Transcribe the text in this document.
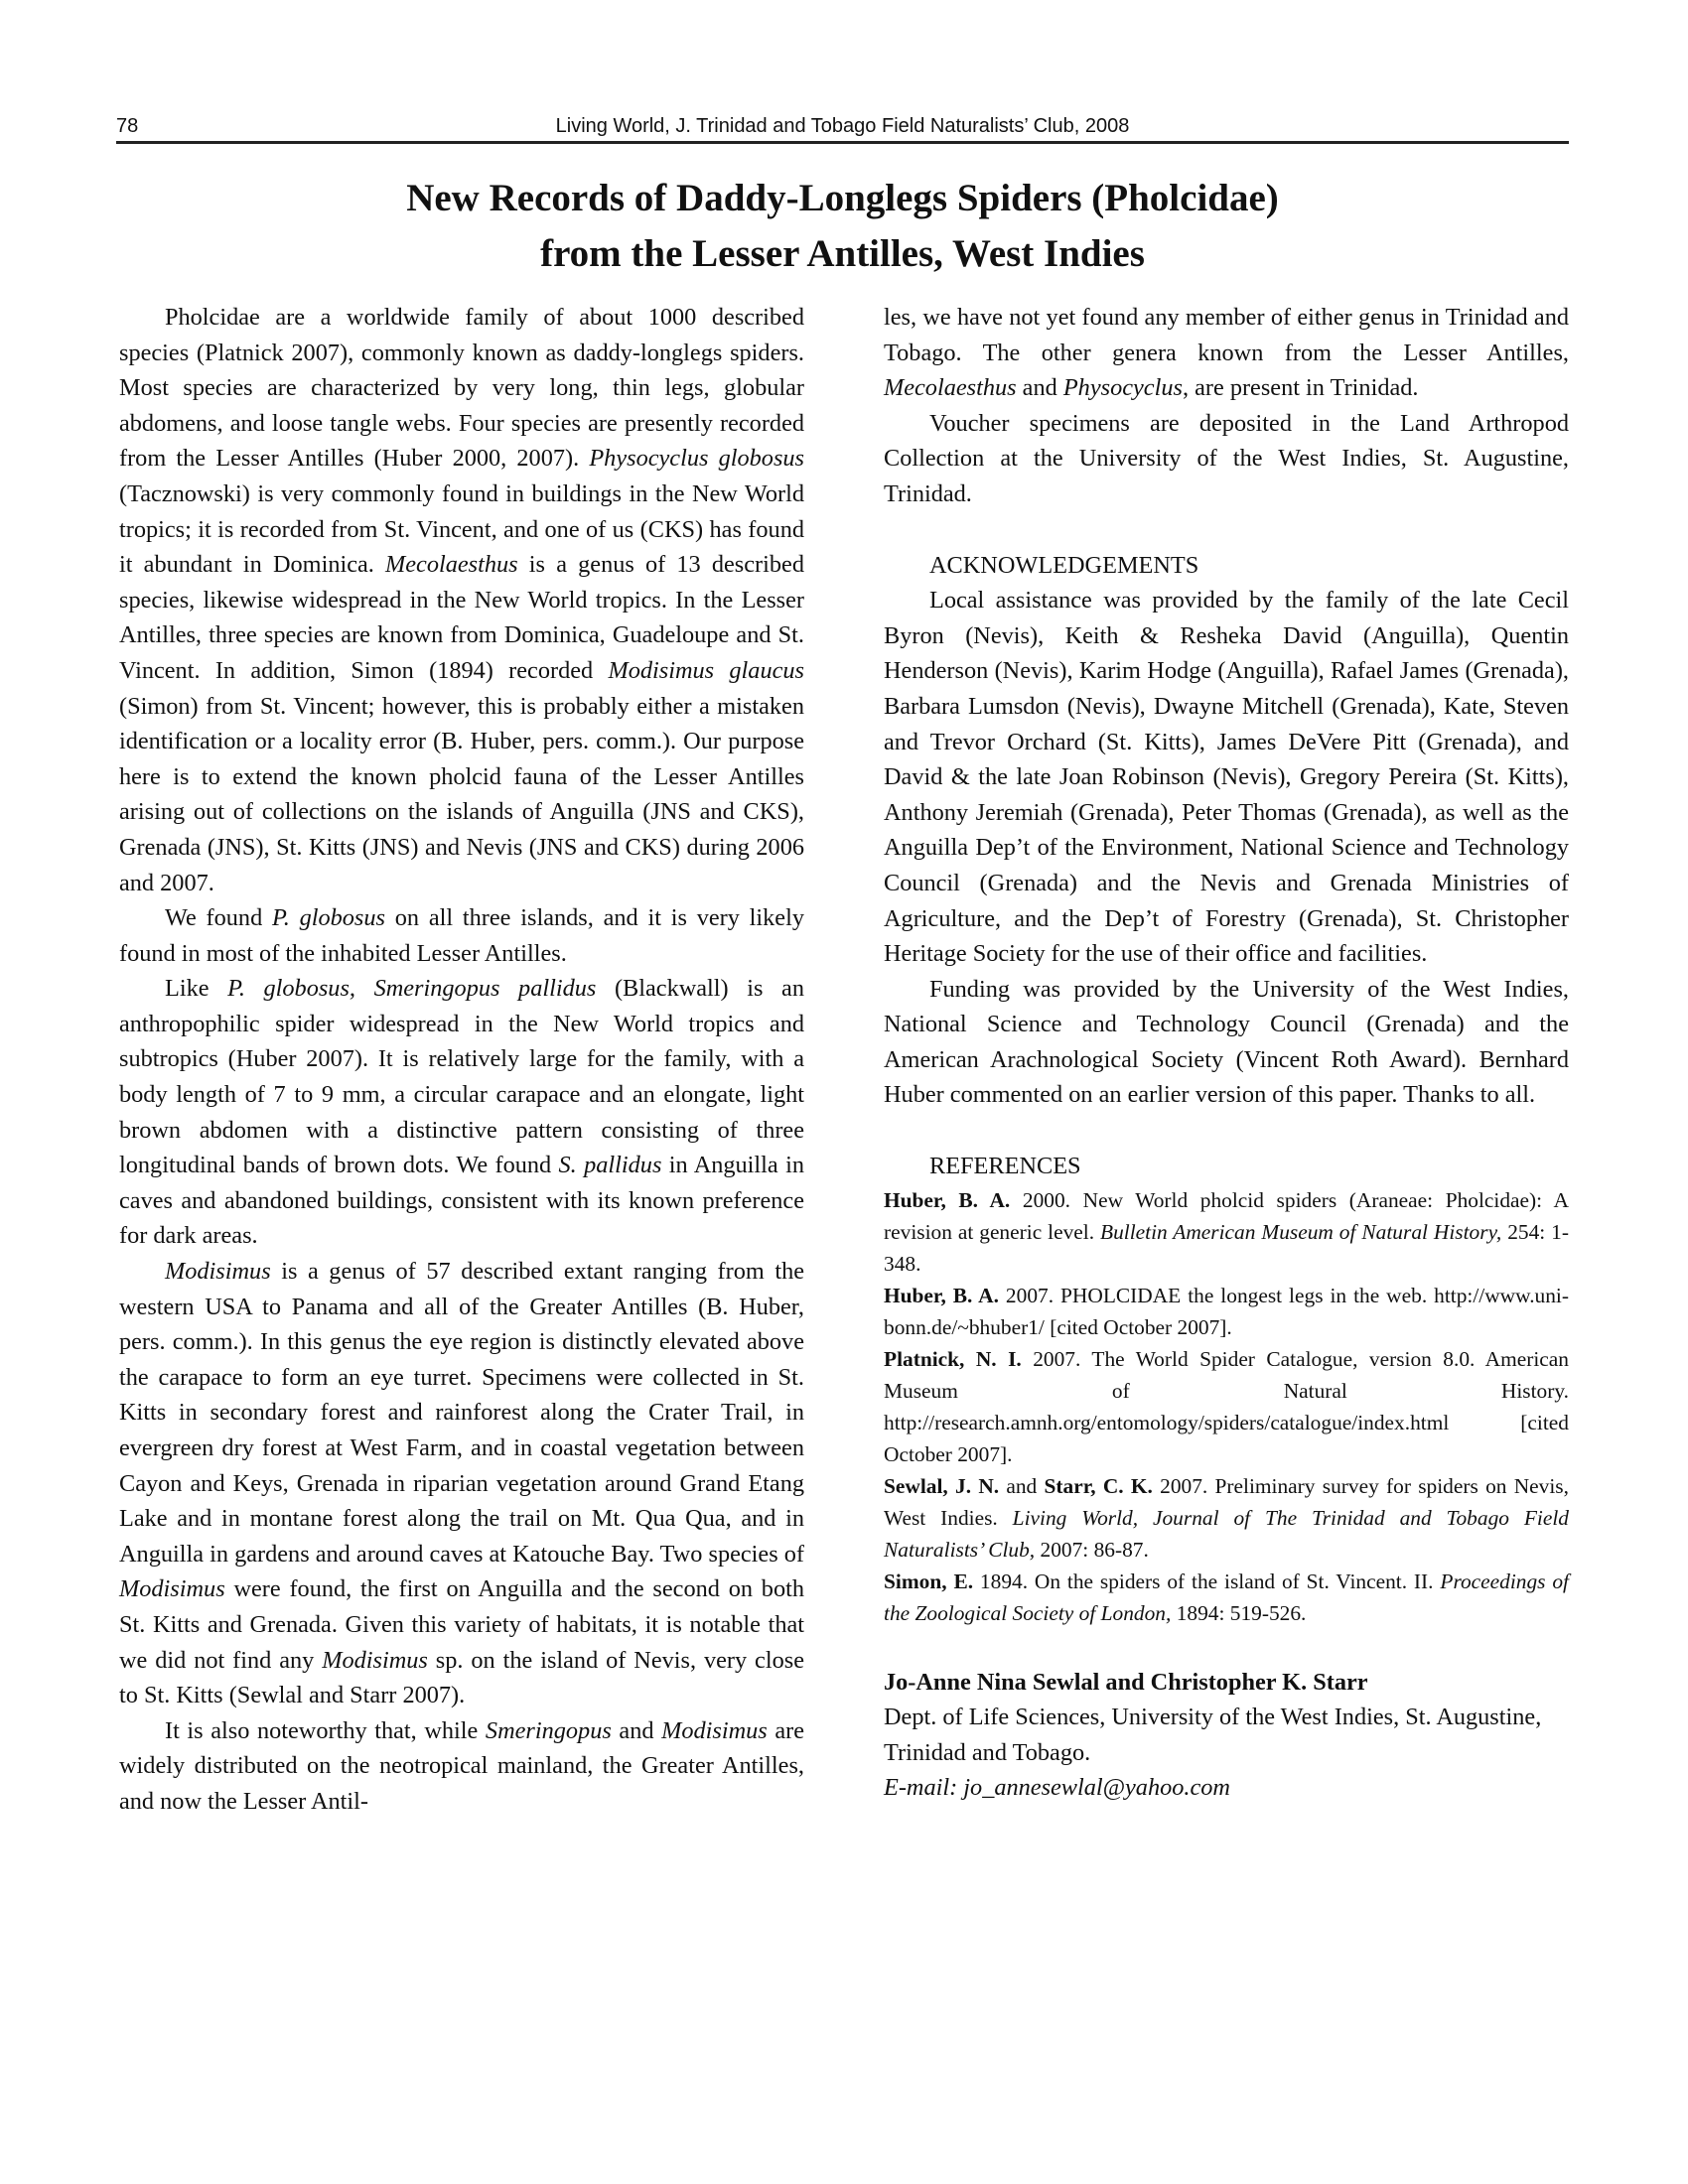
78	Living World, J. Trinidad and Tobago Field Naturalists’ Club, 2008
New Records of Daddy-Longlegs Spiders (Pholcidae)
from the Lesser Antilles, West Indies

Pholcidae are a worldwide family of about 1000 described species (Platnick 2007), commonly known as daddy-longlegs spiders. Most species are characterized by very long, thin legs, globular abdomens, and loose tangle webs. Four species are presently recorded from the Lesser Antilles (Huber 2000, 2007). Physocyclus globosus (Tacznowski) is very commonly found in buildings in the New World tropics; it is recorded from St. Vincent, and one of us (CKS) has found it abundant in Dominica. Mecolaesthus is a genus of 13 described species, likewise widespread in the New World tropics. In the Lesser Antilles, three species are known from Dominica, Guadeloupe and St. Vincent. In addition, Simon (1894) recorded Modisimus glaucus (Simon) from St. Vincent; however, this is probably either a mistaken identification or a locality error (B. Huber, pers. comm.). Our purpose here is to extend the known pholcid fauna of the Lesser Antilles arising out of collections on the islands of Anguilla (JNS and CKS), Grenada (JNS), St. Kitts (JNS) and Nevis (JNS and CKS) during 2006 and 2007.

We found P. globosus on all three islands, and it is very likely found in most of the inhabited Lesser Antilles.

Like P. globosus, Smeringopus pallidus (Blackwall) is an anthropophilic spider widespread in the New World tropics and subtropics (Huber 2007). It is relatively large for the family, with a body length of 7 to 9 mm, a circular carapace and an elongate, light brown abdomen with a distinctive pattern consisting of three longitudinal bands of brown dots. We found S. pallidus in Anguilla in caves and abandoned buildings, consistent with its known preference for dark areas.

Modisimus is a genus of 57 described extant ranging from the western USA to Panama and all of the Greater Antilles (B. Huber, pers. comm.). In this genus the eye region is distinctly elevated above the carapace to form an eye turret. Specimens were collected in St. Kitts in secondary forest and rainforest along the Crater Trail, in evergreen dry forest at West Farm, and in coastal vegetation between Cayon and Keys, Grenada in riparian vegetation around Grand Etang Lake and in montane forest along the trail on Mt. Qua Qua, and in Anguilla in gardens and around caves at Katouche Bay. Two species of Modisimus were found, the first on Anguilla and the second on both St. Kitts and Grenada. Given this variety of habitats, it is notable that we did not find any Modisimus sp. on the island of Nevis, very close to St. Kitts (Sewlal and Starr 2007).

It is also noteworthy that, while Smeringopus and Modisimus are widely distributed on the neotropical mainland, the Greater Antilles, and now the Lesser Antil-

les, we have not yet found any member of either genus in Trinidad and Tobago. The other genera known from the Lesser Antilles, Mecolaesthus and Physocyclus, are present in Trinidad.

Voucher specimens are deposited in the Land Arthropod Collection at the University of the West Indies, St. Augustine, Trinidad.

ACKNOWLEDGEMENTS

Local assistance was provided by the family of the late Cecil Byron (Nevis), Keith & Resheka David (Anguilla), Quentin Henderson (Nevis), Karim Hodge (Anguilla), Rafael James (Grenada), Barbara Lumsdon (Nevis), Dwayne Mitchell (Grenada), Kate, Steven and Trevor Orchard (St. Kitts), James DeVere Pitt (Grenada), and David & the late Joan Robinson (Nevis), Gregory Pereira (St. Kitts), Anthony Jeremiah (Grenada), Peter Thomas (Grenada), as well as the Anguilla Dep’t of the Environment, National Science and Technology Council (Grenada) and the Nevis and Grenada Ministries of Agriculture, and the Dep’t of Forestry (Grenada), St. Christopher Heritage Society for the use of their office and facilities.

Funding was provided by the University of the West Indies, National Science and Technology Council (Grenada) and the American Arachnological Society (Vincent Roth Award). Bernhard Huber commented on an earlier version of this paper. Thanks to all.

REFERENCES

Huber, B. A. 2000. New World pholcid spiders (Araneae: Pholcidae): A revision at generic level. Bulletin American Museum of Natural History, 254: 1-348.

Huber, B. A. 2007. PHOLCIDAE the longest legs in the web. http://www.uni-bonn.de/~bhuber1/ [cited October 2007].

Platnick, N. I. 2007. The World Spider Catalogue, version 8.0. American Museum of Natural History. http://research.amnh.org/entomology/spiders/catalogue/index.html [cited October 2007].

Sewlal, J. N. and Starr, C. K. 2007. Preliminary survey for spiders on Nevis, West Indies. Living World, Journal of The Trinidad and Tobago Field Naturalists’ Club, 2007: 86-87.

Simon, E. 1894. On the spiders of the island of St. Vincent. II. Proceedings of the Zoological Society of London, 1894: 519-526.

Jo-Anne Nina Sewlal and Christopher K. Starr

Dept. of Life Sciences, University of the West Indies, St. Augustine, Trinidad and Tobago.

E-mail: jo_annesewlal@yahoo.com
